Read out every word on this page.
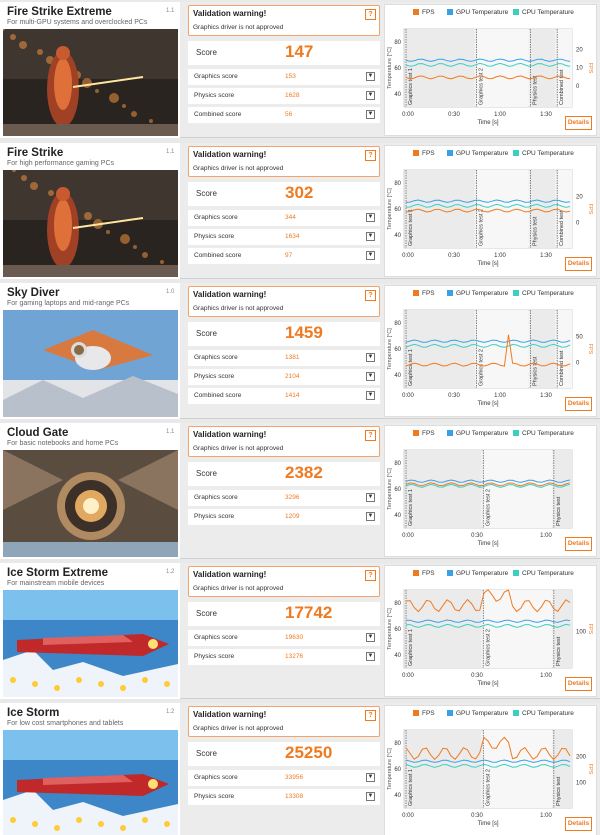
Fire Strike Extreme
For multi-GPU systems and overclocked PCs
1.1 Validation warning!
Graphics driver is not approved
?
Score	147
Graphics score	153	▼
Physics score	1628	▼
Combined score	56	▼
FPS	GPU Temperature	CPU Temperature
40
60
80
0
10
20
Temperature [°C]	FPS
0:00	0:30	1:00	1:30
Time [s]
Graphics test 1	Graphics test 2	Physics test	Combined test
Details
Fire Strike
For high performance gaming PCs
1.1 Validation warning!
Graphics driver is not approved
?
Score	302
Graphics score	344	▼
Physics score	1634	▼
Combined score	97	▼
FPS	GPU Temperature	CPU Temperature
40
60
80
0
20
Temperature [°C]	FPS
0:00	0:30	1:00	1:30
Time [s]
Graphics test 1	Graphics test 2	Physics test	Combined test
Details
Sky Diver
For gaming laptops and mid-range PCs
1.0 Validation warning!
Graphics driver is not approved
?
Score	1459
Graphics score	1381	▼
Physics score	2104	▼
Combined score	1414	▼
FPS	GPU Temperature	CPU Temperature
40
60
80
0
50
Temperature [°C]	FPS
0:00	0:30	1:00	1:30
Time [s]
Graphics test 1	Graphics test 2	Physics test	Combined test
Details
Cloud Gate
For basic notebooks and home PCs
1.1 Validation warning!
Graphics driver is not approved
?
Score	2382
Graphics score	3296	▼
Physics score	1209	▼
FPS	GPU Temperature	CPU Temperature
40
60
80
Temperature [°C]
0:00	0:30	1:00
Time [s]
Graphics test 1	Graphics test 2	Physics test
Details
Ice Storm Extreme
For mainstream mobile devices
1.2 Validation warning!
Graphics driver is not approved
?
Score	17742
Graphics score	19630	▼
Physics score	13276	▼
FPS	GPU Temperature	CPU Temperature
40
60
80
100
Temperature [°C]	FPS
0:00	0:30	1:00
Time [s]
Graphics test 1	Graphics test 2	Physics test
Details
Ice Storm
For low cost smartphones and tablets
1.2 Validation warning!
Graphics driver is not approved
?
Score	25250
Graphics score	33956	▼
Physics score	13308	▼
FPS	GPU Temperature	CPU Temperature
40
60
80
100
200
Temperature [°C]	FPS
0:00	0:30	1:00
Time [s]
Graphics test 1	Graphics test 2	Physics test
Details
